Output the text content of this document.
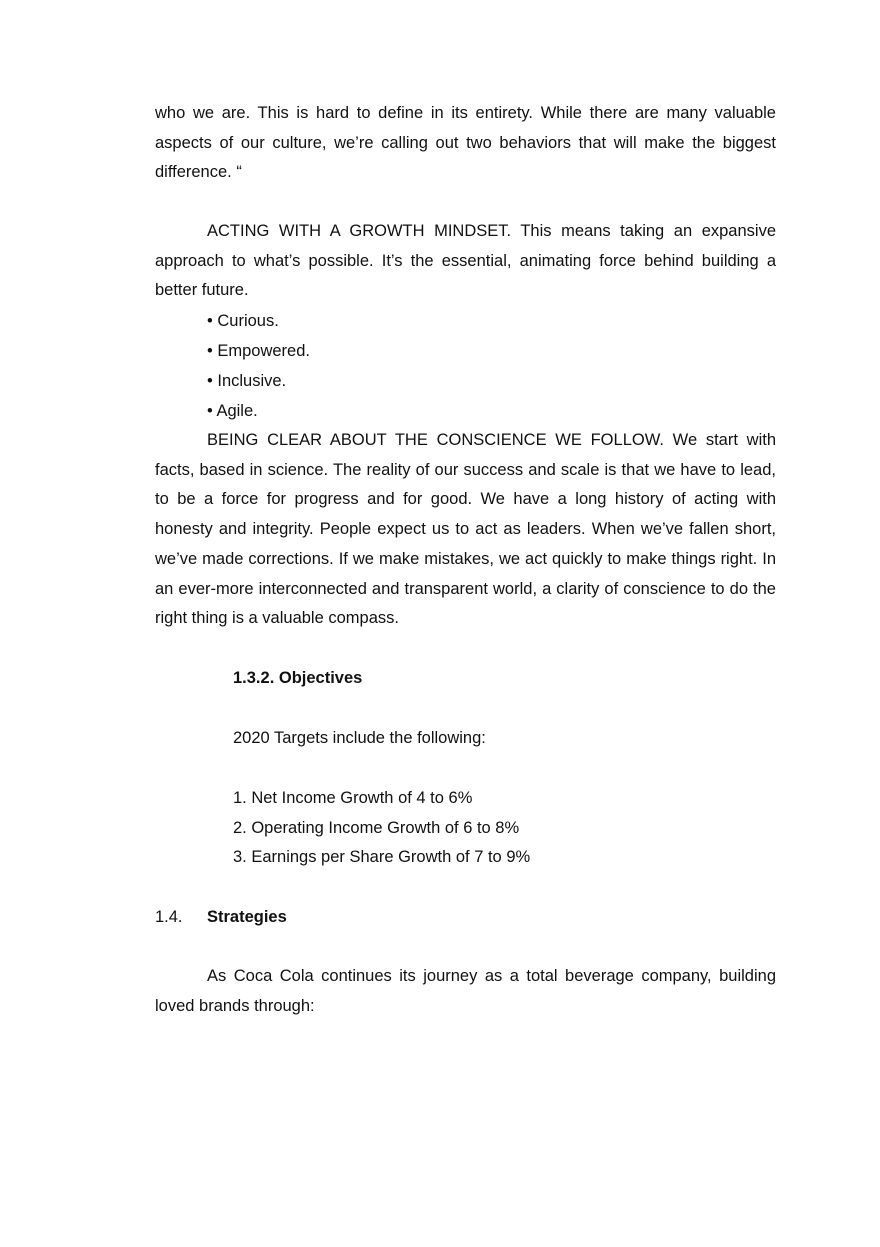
who we are. This is hard to define in its entirety. While there are many valuable aspects of our culture, we’re calling out two behaviors that will make the biggest difference. “

ACTING WITH A GROWTH MINDSET. This means taking an expansive approach to what’s possible. It’s the essential, animating force behind building a better future.

• Curious.
• Empowered.
• Inclusive.
• Agile.

BEING CLEAR ABOUT THE CONSCIENCE WE FOLLOW. We start with facts, based in science. The reality of our success and scale is that we have to lead, to be a force for progress and for good. We have a long history of acting with honesty and integrity. People expect us to act as leaders. When we’ve fallen short, we’ve made corrections. If we make mistakes, we act quickly to make things right. In an ever-more interconnected and transparent world, a clarity of conscience to do the right thing is a valuable compass.

1.3.2. Objectives

2020 Targets include the following:

1. Net Income Growth of 4 to 6%
2. Operating Income Growth of 6 to 8%
3. Earnings per Share Growth of 7 to 9%
1.4. Strategies

As Coca Cola continues its journey as a total beverage company, building loved brands through:
